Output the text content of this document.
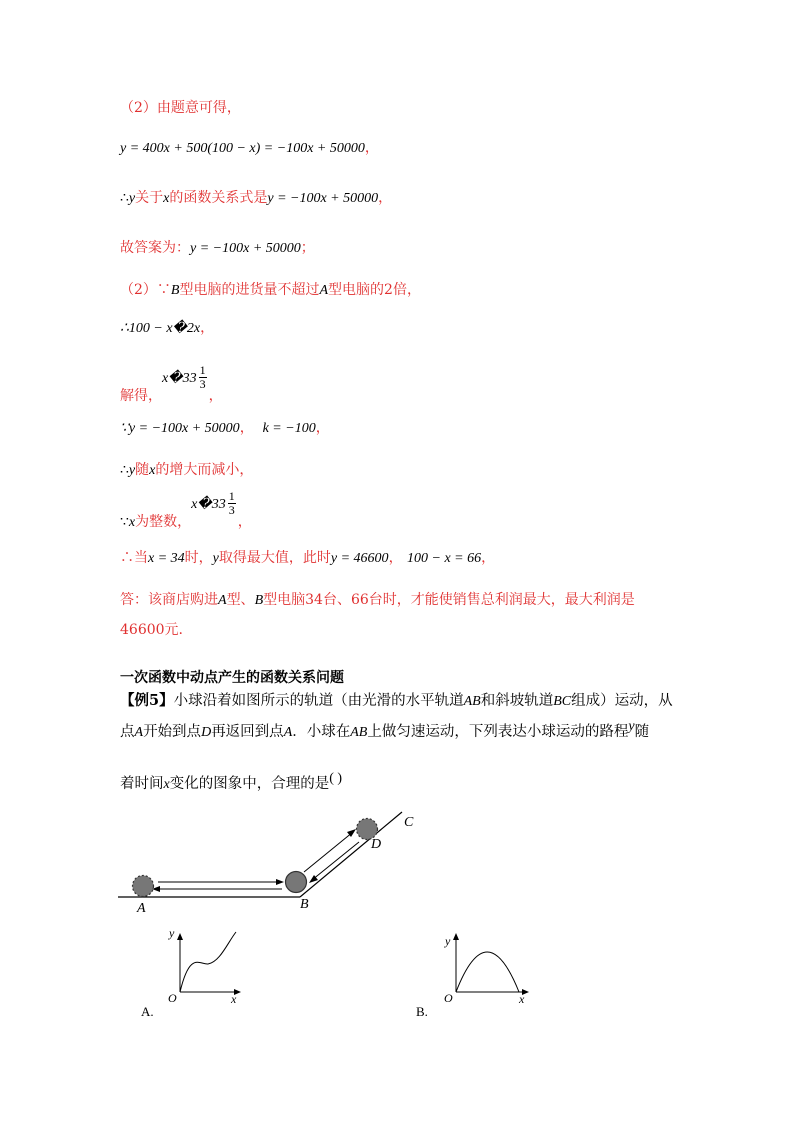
（2）由题意可得，
y = 400x + 500(100 − x) = −100x + 50000，
∴y关于x的函数关系式是y = −100x + 50000，
故答案为：y = −100x + 50000；
（2）∵B型电脑的进货量不超过A型电脑的2倍，
∴100 − x�2x，
解得，x�33 $\frac{1}{3}$
，
∵y = −100x + 50000， k = −100，
∴y随x的增大而减小，
∵x为整数，x�33 $\frac{1}{3}$
，
∴当x = 34时，y取得最大值，此时y = 46600， 100 − x = 66，
答：该商店购进A型、B型电脑34台、66台时，才能使销售总利润最大，最大利润是
46600元.
一次函数中动点产生的函数关系问题
【例5】小球沿着如图所示的轨道（由光滑的水平轨道AB和斜坡轨道BC组成）运动，从
点A开始到点D再返回到点A．小球在AB上做匀速运动，下列表达小球运动的路程y随
着时间x变化的图象中，合理的是( )
A	B
C
D
y
x
O
A.
y
x
O
B.
